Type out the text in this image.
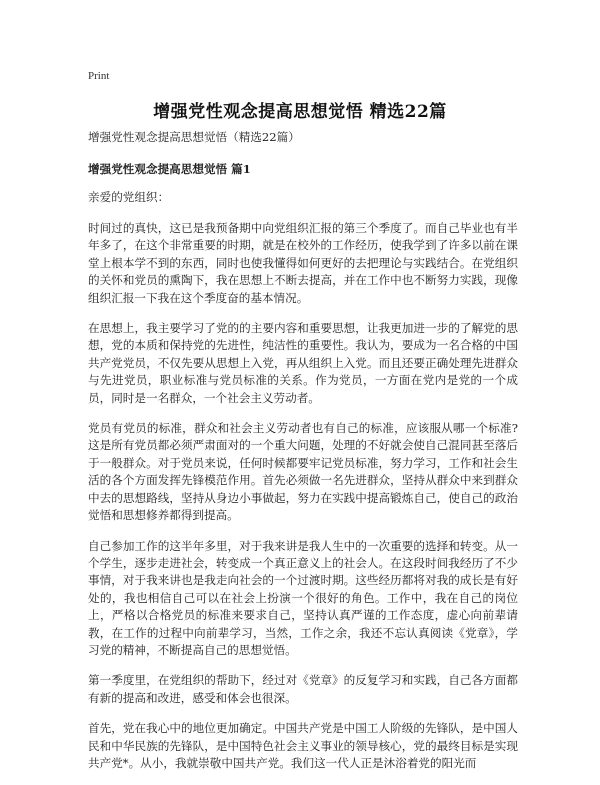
Print
增强党性观念提高思想觉悟 精选22篇
增强党性观念提高思想觉悟（精选22篇）
增强党性观念提高思想觉悟 篇1
亲爱的党组织：

时间过的真快，这已是我预备期中向党组织汇报的第三个季度了。而自己毕业也有半年多了，在这个非常重要的时期，就是在校外的工作经历，使我学到了许多以前在课堂上根本学不到的东西，同时也使我懂得如何更好的去把理论与实践结合。在党组织的关怀和党员的熏陶下，我在思想上不断去提高，并在工作中也不断努力实践，现像组织汇报一下我在这个季度奋的基本情况。

在思想上，我主要学习了党的的主要内容和重要思想，让我更加进一步的了解党的思想，党的本质和保持党的先进性，纯洁性的重要性。我认为，要成为一名合格的中国共产党党员，不仅先要从思想上入党，再从组织上入党。而且还要正确处理先进群众与先进党员，职业标准与党员标准的关系。作为党员，一方面在党内是党的一个成员，同时是一名群众，一个社会主义劳动者。

党员有党员的标准，群众和社会主义劳动者也有自己的标准，应该服从哪一个标准?这是所有党员都必须严肃面对的一个重大问题，处理的不好就会使自己混同甚至落后于一般群众。对于党员来说，任何时候都要牢记党员标准，努力学习，工作和社会生活的各个方面发挥先锋模范作用。首先必须做一名先进群众，坚持从群众中来到群众中去的思想路线，坚持从身边小事做起，努力在实践中提高锻炼自己，使自己的政治觉悟和思想修养都得到提高。

自己参加工作的这半年多里，对于我来讲是我人生中的一次重要的选择和转变。从一个学生，逐步走进社会，转变成一个真正意义上的社会人。在这段时间我经历了不少事情，对于我来讲也是我走向社会的一个过渡时期。这些经历都将对我的成长是有好处的，我也相信自己可以在社会上扮演一个很好的角色。工作中，我在自己的岗位上，严格以合格党员的标准来要求自己，坚持认真严谨的工作态度，虚心向前辈请教，在工作的过程中向前辈学习，当然，工作之余，我还不忘认真阅读《党章》，学习党的精神，不断提高自己的思想觉悟。

第一季度里，在党组织的帮助下，经过对《党章》的反复学习和实践，自己各方面都有新的提高和改进，感受和体会也很深。

首先，党在我心中的地位更加确定。中国共产党是中国工人阶级的先锋队，是中国人民和中华民族的先锋队，是中国特色社会主义事业的领导核心，党的最终目标是实现共产党*。从小，我就崇敬中国共产党。我们这一代人正是沐浴着党的阳光而
